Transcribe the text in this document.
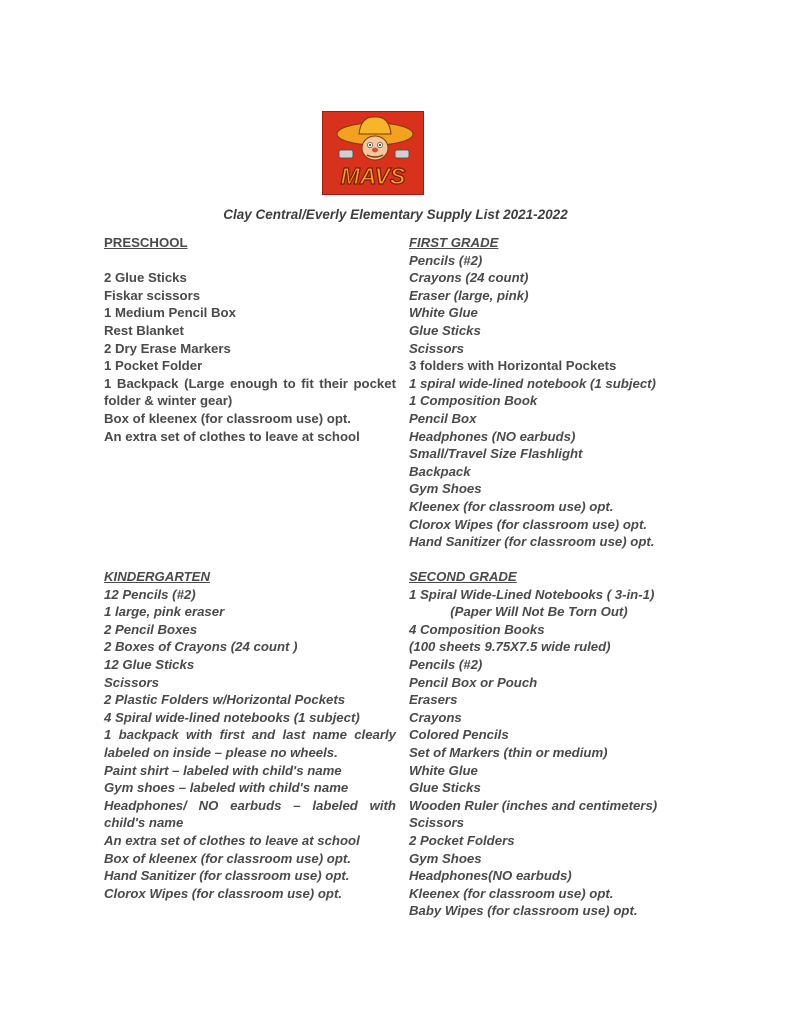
MAVS
Clay Central/Everly Elementary Supply List 2021-2022
PRESCHOOL
2 Glue Sticks
Fiskar scissors
1 Medium Pencil Box
Rest Blanket
2 Dry Erase Markers
1 Pocket Folder
1 Backpack (Large enough to fit their pocket folder & winter gear)
Box of kleenex (for classroom use) opt.
An extra set of clothes to leave at school
FIRST GRADE
Pencils (#2)
Crayons (24 count)
Eraser (large, pink)
White Glue
Glue Sticks
Scissors
3 folders with Horizontal Pockets
1 spiral wide-lined notebook (1 subject)
1 Composition Book
Pencil Box
Headphones (NO earbuds)
Small/Travel Size Flashlight
Backpack
Gym Shoes
Kleenex (for classroom use) opt.
Clorox Wipes (for classroom use) opt.
Hand Sanitizer (for classroom use) opt.
KINDERGARTEN
12 Pencils (#2)
1 large, pink eraser
2 Pencil Boxes
2 Boxes of Crayons (24 count )
12 Glue Sticks
Scissors
2 Plastic Folders w/Horizontal Pockets
4 Spiral wide-lined notebooks (1 subject)
1 backpack with first and last name clearly labeled on inside – please no wheels.
Paint shirt – labeled with child's name
Gym shoes – labeled with child's name
Headphones/ NO earbuds – labeled with child's name
An extra set of clothes to leave at school
Box of kleenex (for classroom use) opt.
Hand Sanitizer (for classroom use) opt.
Clorox Wipes (for classroom use) opt.
SECOND GRADE
1 Spiral Wide-Lined Notebooks ( 3-in-1)
(Paper Will Not Be Torn Out)
4 Composition Books
(100 sheets 9.75X7.5 wide ruled)
Pencils (#2)
Pencil Box or Pouch
Erasers
Crayons
Colored Pencils
Set of Markers (thin or medium)
White Glue
Glue Sticks
Wooden Ruler (inches and centimeters)
Scissors
2 Pocket Folders
Gym Shoes
Headphones(NO earbuds)
Kleenex (for classroom use) opt.
Baby Wipes (for classroom use) opt.
